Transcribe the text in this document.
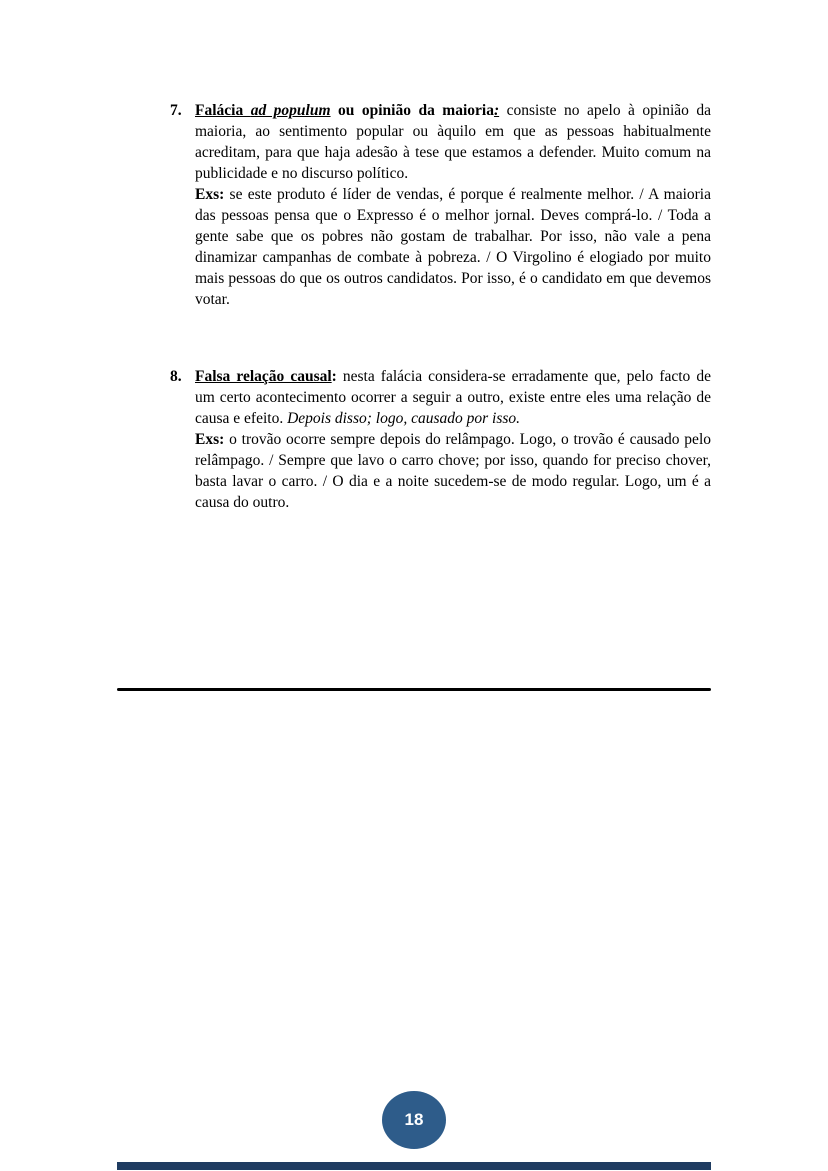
7. Falácia ad populum ou opinião da maioria: consiste no apelo à opinião da maioria, ao sentimento popular ou àquilo em que as pessoas habitualmente acreditam, para que haja adesão à tese que estamos a defender. Muito comum na publicidade e no discurso político.

Exs: se este produto é líder de vendas, é porque é realmente melhor. / A maioria das pessoas pensa que o Expresso é o melhor jornal. Deves comprá-lo. / Toda a gente sabe que os pobres não gostam de trabalhar. Por isso, não vale a pena dinamizar campanhas de combate à pobreza. / O Virgolino é elogiado por muito mais pessoas do que os outros candidatos. Por isso, é o candidato em que devemos votar.

8. Falsa relação causal: nesta falácia considera-se erradamente que, pelo facto de um certo acontecimento ocorrer a seguir a outro, existe entre eles uma relação de causa e efeito. Depois disso; logo, causado por isso.

Exs: o trovão ocorre sempre depois do relâmpago. Logo, o trovão é causado pelo relâmpago. / Sempre que lavo o carro chove; por isso, quando for preciso chover, basta lavar o carro. / O dia e a noite sucedem-se de modo regular. Logo, um é a causa do outro.

18
